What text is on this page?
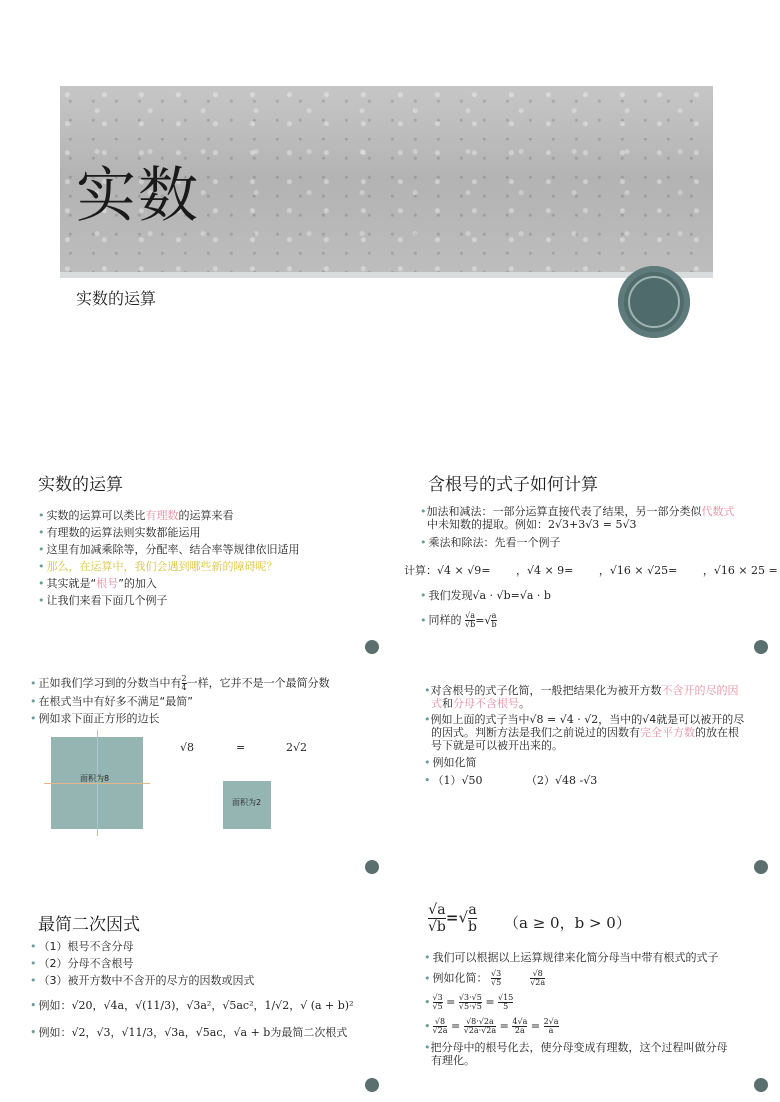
实数
实数的运算
实数的运算
• 实数的运算可以类比有理数的运算来看
• 有理数的运算法则实数都能运用
• 这里有加减乘除等，分配率、结合率等规律依旧适用
• 那么，在运算中，我们会遇到哪些新的障碍呢？
• 其实就是“根号”的加入
• 让我们来看下面几个例子
含根号的式子如何计算
•加法和减法：一部分运算直接代表了结果，另一部分类似代数式
中未知数的提取。例如：2√3+3√3 = 5√3
• 乘法和除法：先看一个例子
计算：√4 × √9= ，√4 × 9= ，√16 × √25= ，√16 × 25 =
• 我们发现√a · √b=√a · b
• 同样的 $\frac{√a}{√b}$ =√ $\frac{a}{b}$
• 正如我们学习到的分数当中有 $\frac{2}{4}$ 一样，它并不是一个最简分数
• 在根式当中有好多不满足“最简”
• 例如求下面正方形的边长
面积为8
面积为2
√8	=	2√2
•对含根号的式子化简，一般把结果化为被开方数不含开的尽的因
式和分母不含根号。
•例如上面的式子当中√8 = √4 · √2，当中的√4就是可以被开的尽
的因式。判断方法是我们之前说过的因数有完全平方数的放在根
号下就是可以被开出来的。
• 例如化简
• （1）√50	（2）√48 -√3
最简二次因式
• （1）根号不含分母
• （2）分母不含根号
• （3）被开方数中不含开的尽方的因数或因式
• 例如：√20，√4a，√(11/3)，√3a²，√5ac²，1/√2，√ (a + b)²
• 例如：√2，√3，√11/3，√3a，√5ac，√a + b为最简二次根式
$\frac{√a}{√b}$ =√ $\frac{a}{b} (a \ge 0$，b > 0）
• 我们可以根据以上运算规律来化简分母当中带有根式的式子
• 例如化简： $\frac{√3}{√5}$
	$\frac{√8}{√2a}$
• $\frac{√3}{√5} = \frac{√3\cdot√5}{√5\cdot√5} = \frac{√15}{5}$
• $\frac{√8}{√2a} = \frac{√8\cdot√2a}{√2a\cdot√2a} = \frac{4√a}{2a} = \frac{2√a}{a}$
•把分母中的根号化去，使分母变成有理数，这个过程叫做分母
有理化。
